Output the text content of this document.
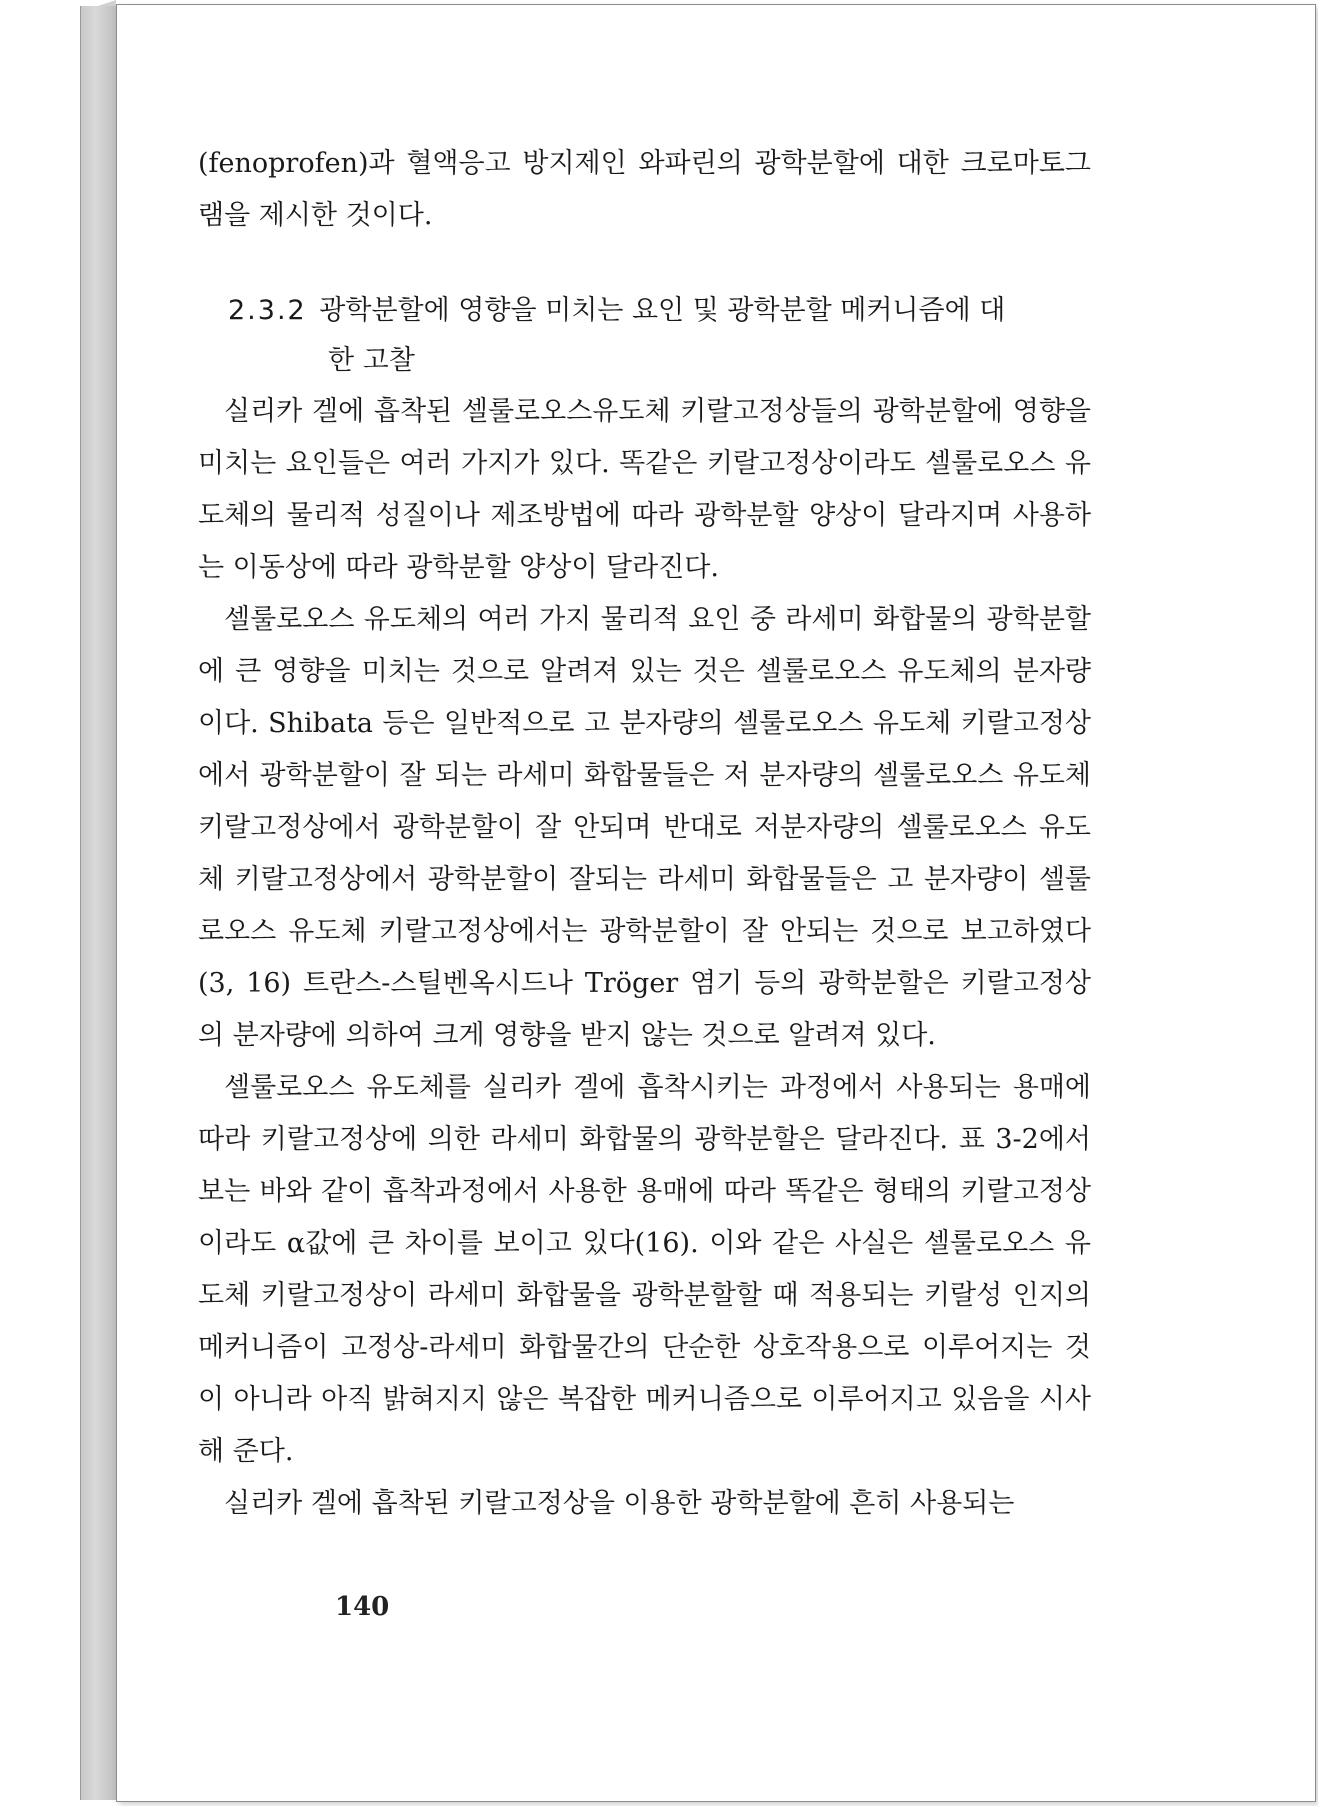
(fenoprofen)과 혈액응고 방지제인 와파린의 광학분할에 대한 크로마토그램을 제시한 것이다.

2.3.2 광학분할에 영향을 미치는 요인 및 광학분할 메커니즘에 대
한 고찰

실리카 겔에 흡착된 셀룰로오스유도체 키랄고정상들의 광학분할에 영향을 미치는 요인들은 여러 가지가 있다. 똑같은 키랄고정상이라도 셀룰로오스 유도체의 물리적 성질이나 제조방법에 따라 광학분할 양상이 달라지며 사용하는 이동상에 따라 광학분할 양상이 달라진다.

셀룰로오스 유도체의 여러 가지 물리적 요인 중 라세미 화합물의 광학분할에 큰 영향을 미치는 것으로 알려져 있는 것은 셀룰로오스 유도체의 분자량이다. Shibata 등은 일반적으로 고 분자량의 셀룰로오스 유도체 키랄고정상에서 광학분할이 잘 되는 라세미 화합물들은 저 분자량의 셀룰로오스 유도체 키랄고정상에서 광학분할이 잘 안되며 반대로 저분자량의 셀룰로오스 유도체 키랄고정상에서 광학분할이 잘되는 라세미 화합물들은 고 분자량이 셀룰로오스 유도체 키랄고정상에서는 광학분할이 잘 안되는 것으로 보고하였다(3, 16) 트란스-스틸벤옥시드나 Tröger 염기 등의 광학분할은 키랄고정상의 분자량에 의하여 크게 영향을 받지 않는 것으로 알려져 있다.

셀룰로오스 유도체를 실리카 겔에 흡착시키는 과정에서 사용되는 용매에 따라 키랄고정상에 의한 라세미 화합물의 광학분할은 달라진다. 표 3-2에서 보는 바와 같이 흡착과정에서 사용한 용매에 따라 똑같은 형태의 키랄고정상이라도 α값에 큰 차이를 보이고 있다(16). 이와 같은 사실은 셀룰로오스 유도체 키랄고정상이 라세미 화합물을 광학분할할 때 적용되는 키랄성 인지의 메커니즘이 고정상-라세미 화합물간의 단순한 상호작용으로 이루어지는 것이 아니라 아직 밝혀지지 않은 복잡한 메커니즘으로 이루어지고 있음을 시사해 준다.

실리카 겔에 흡착된 키랄고정상을 이용한 광학분할에 흔히 사용되는

140
